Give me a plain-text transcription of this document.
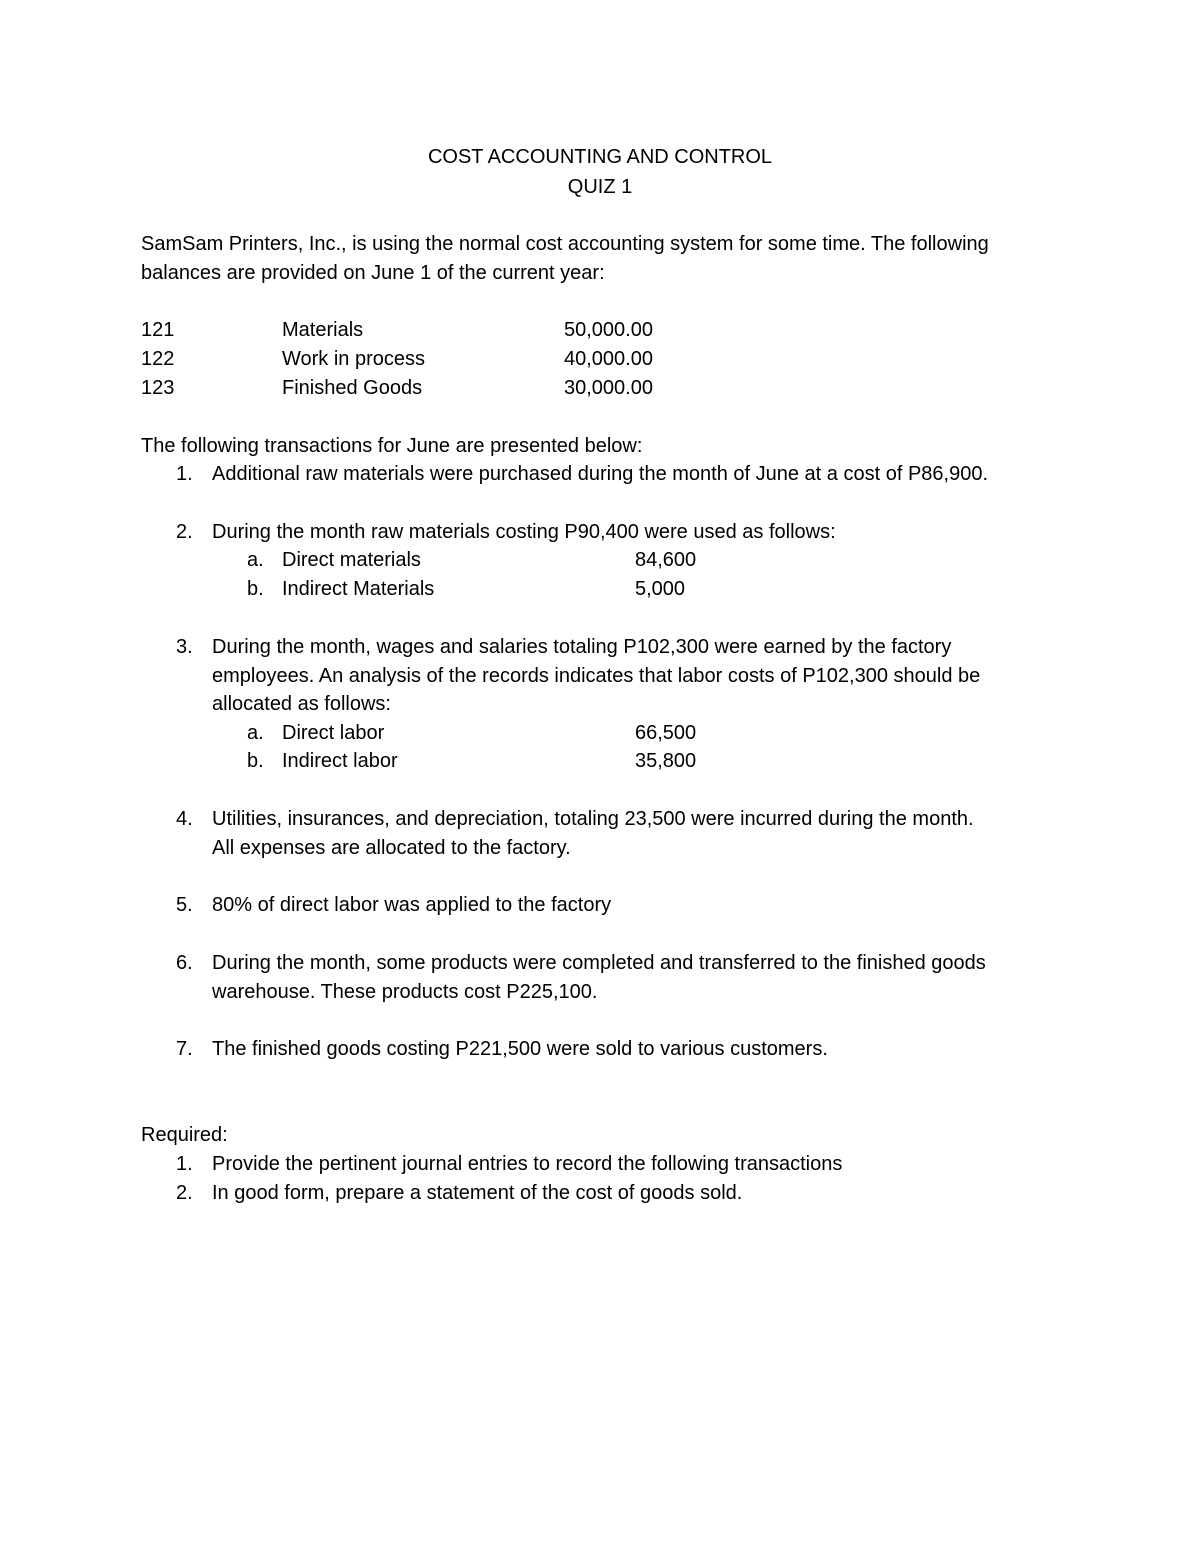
COST ACCOUNTING AND CONTROL
QUIZ 1
SamSam Printers, Inc., is using the normal cost accounting system for some time. The following
balances are provided on June 1 of the current year:
121	Materials	50,000.00
122	Work in process	40,000.00
123	Finished Goods	30,000.00
The following transactions for June are presented below:
1. Additional raw materials were purchased during the month of June at a cost of P86,900.
2. During the month raw materials costing P90,400 were used as follows:
a. Direct materials	84,600
b. Indirect Materials	5,000
3. During the month, wages and salaries totaling P102,300 were earned by the factory
employees. An analysis of the records indicates that labor costs of P102,300 should be
allocated as follows:
a. Direct labor	66,500
b. Indirect labor	35,800
4. Utilities, insurances, and depreciation, totaling 23,500 were incurred during the month.
All expenses are allocated to the factory.
5. 80% of direct labor was applied to the factory
6. During the month, some products were completed and transferred to the finished goods
warehouse. These products cost P225,100.
7. The finished goods costing P221,500 were sold to various customers.
Required:
1. Provide the pertinent journal entries to record the following transactions
2. In good form, prepare a statement of the cost of goods sold.
